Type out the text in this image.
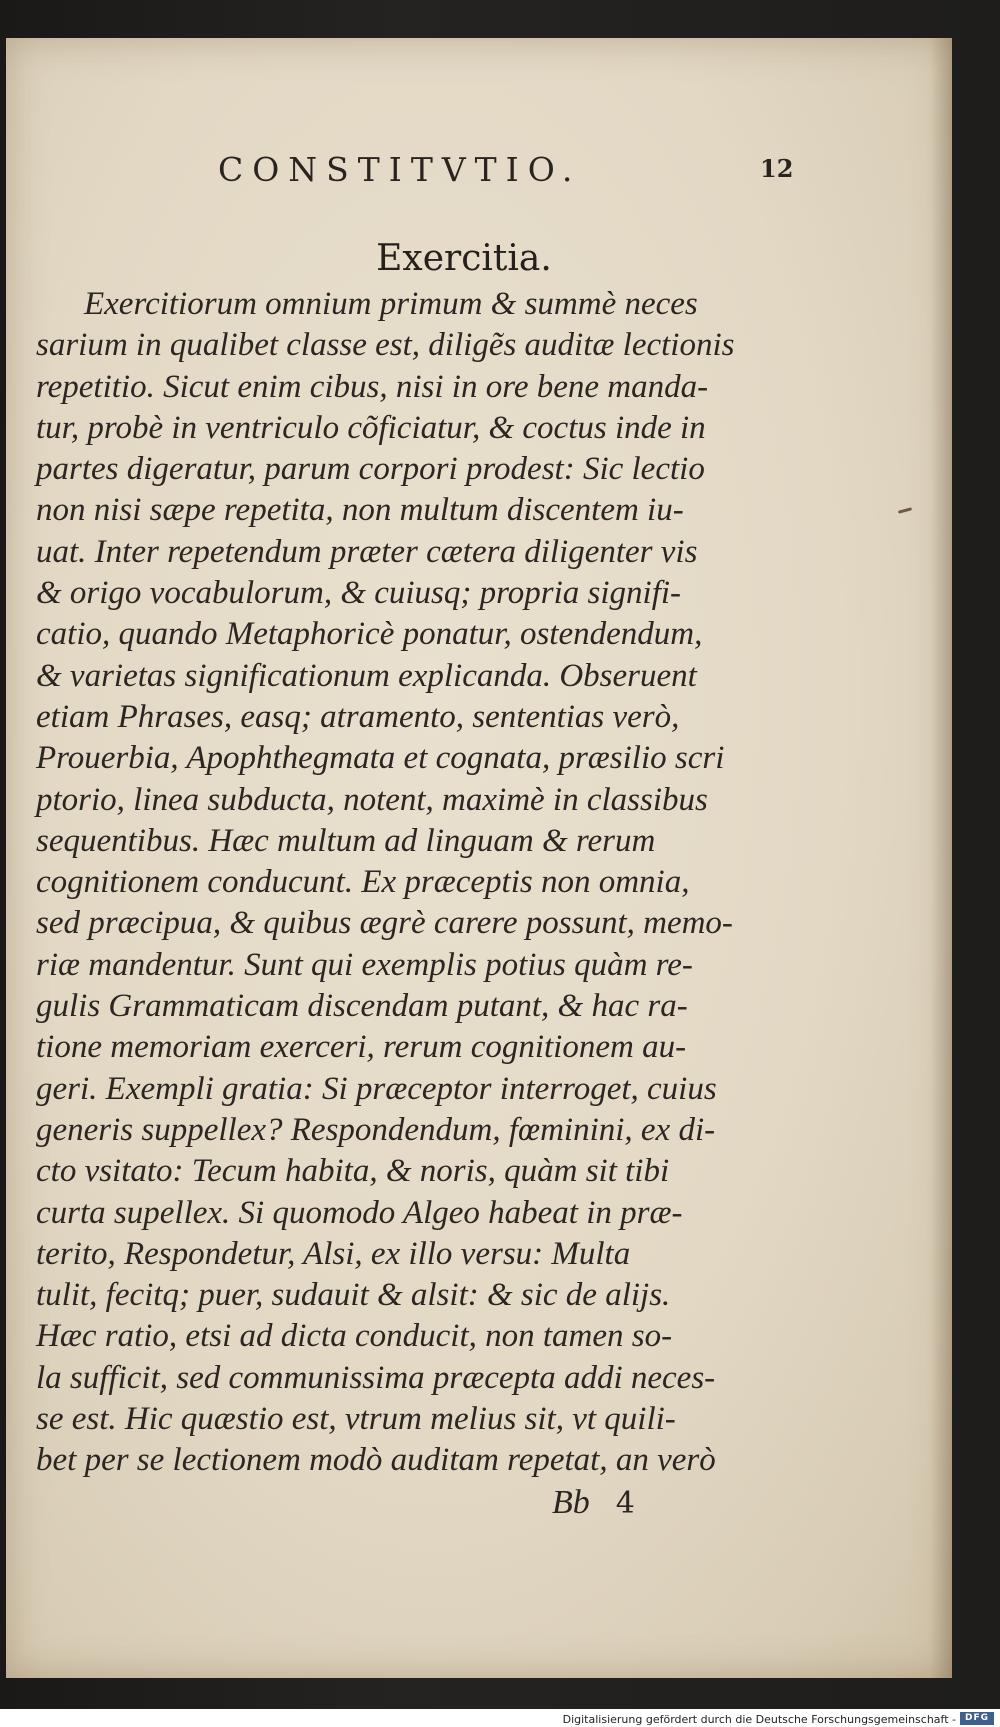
CONSTITVTIO.	12
Exercitia.
Exercitiorum omnium primum & summè neces
sarium in qualibet classe est, diligẽs auditæ lectionis
repetitio. Sicut enim cibus, nisi in ore bene manda-
tur, probè in ventriculo cõficiatur, & coctus inde in
partes digeratur, parum corpori prodest: Sic lectio
non nisi sæpe repetita, non multum discentem iu-
uat. Inter repetendum præter cætera diligenter vis
& origo vocabulorum, & cuiusq; propria signifi-
catio, quando Metaphoricè ponatur, ostendendum,
& varietas significationum explicanda. Obseruent
etiam Phrases, easq; atramento, sententias verò,
Prouerbia, Apophthegmata et cognata, præsilio scri
ptorio, linea subducta, notent, maximè in classibus
sequentibus. Hæc multum ad linguam & rerum
cognitionem conducunt. Ex præceptis non omnia,
sed præcipua, & quibus ægrè carere possunt, memo-
riæ mandentur. Sunt qui exemplis potius quàm re-
gulis Grammaticam discendam putant, & hac ra-
tione memoriam exerceri, rerum cognitionem au-
geri. Exempli gratia: Si præceptor interroget, cuius
generis suppellex? Respondendum, fœminini, ex di-
cto vsitato: Tecum habita, & noris, quàm sit tibi
curta supellex. Si quomodo Algeo habeat in præ-
terito, Respondetur, Alsi, ex illo versu: Multa
tulit, fecitq; puer, sudauit & alsit: & sic de alijs.
Hæc ratio, etsi ad dicta conducit, non tamen so-
la sufficit, sed communissima præcepta addi neces-
se est. Hic quæstio est, vtrum melius sit, vt quili-
bet per se lectionem modò auditam repetat, an verò
Bb 4
Digitalisierung gefördert durch die Deutsche Forschungsgemeinschaft - DFG
